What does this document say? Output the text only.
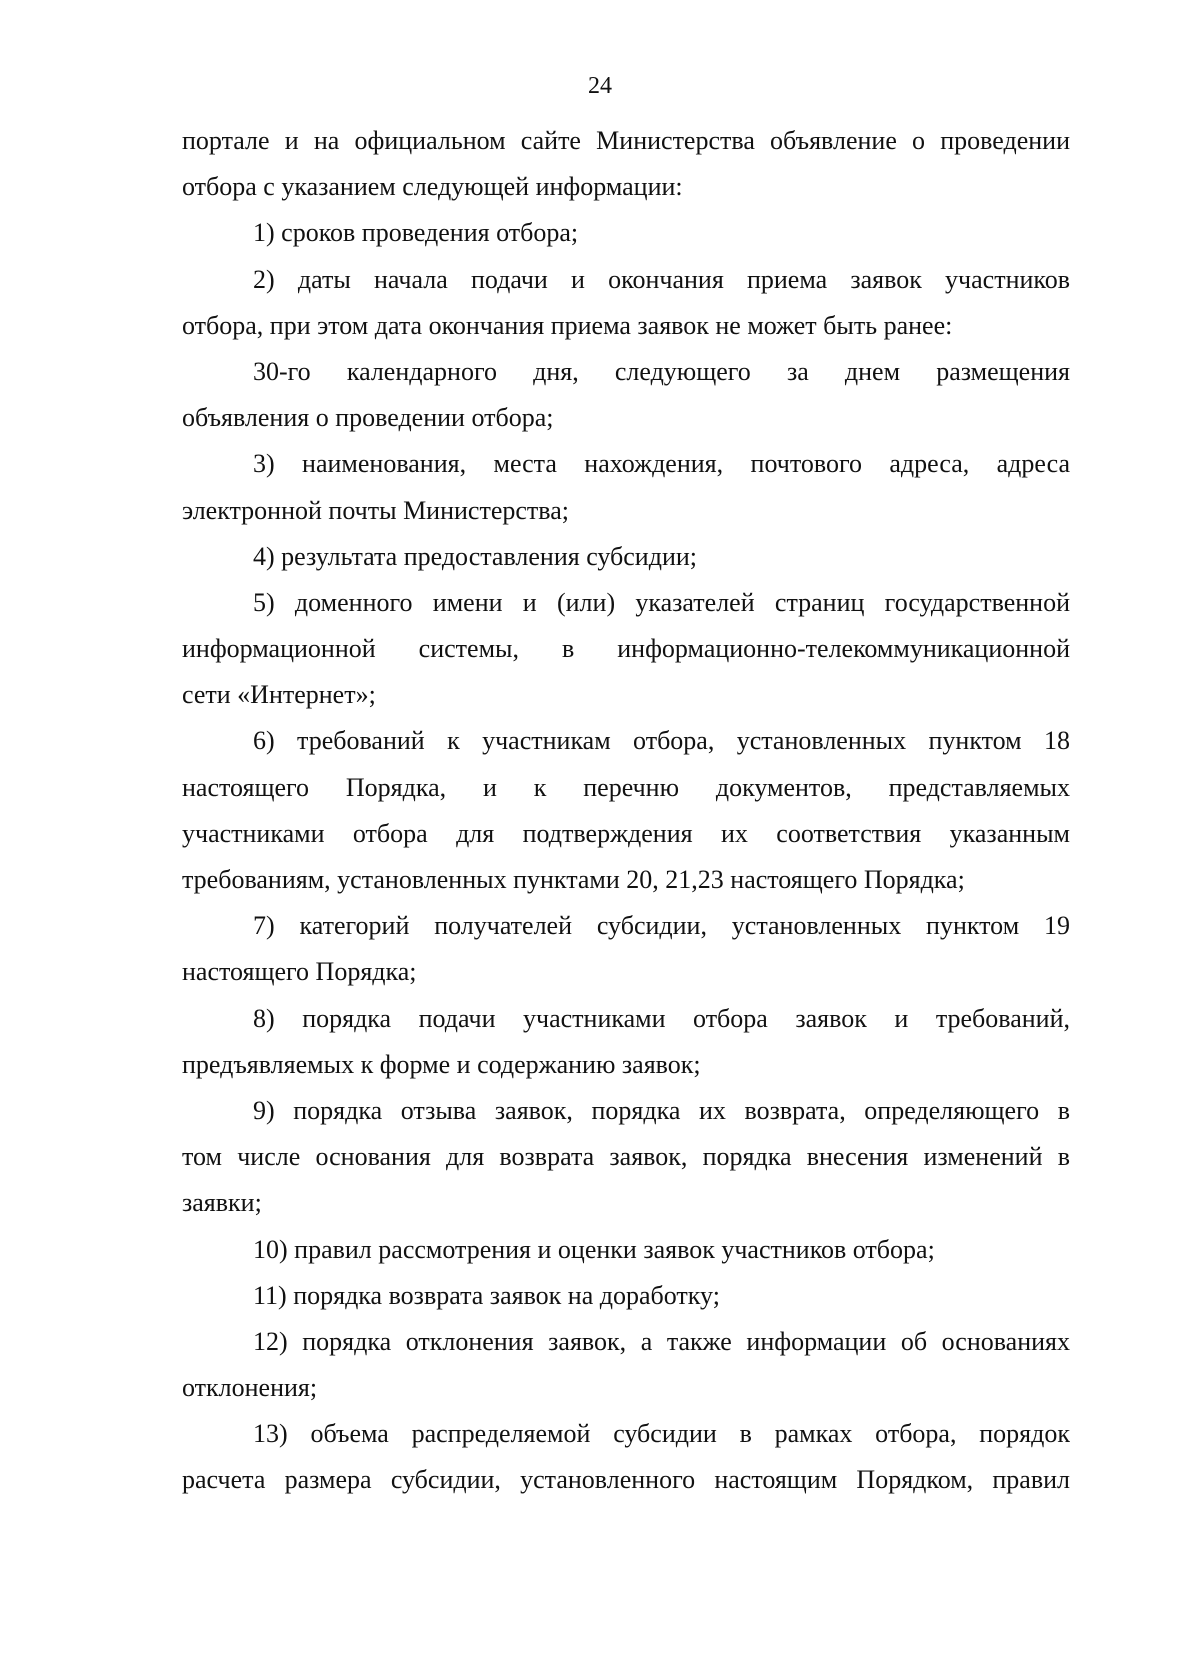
24
портале и на официальном сайте Министерства объявление о проведении
отбора с указанием следующей информации:
1) сроков проведения отбора;
2) даты начала подачи и окончания приема заявок участников
отбора, при этом дата окончания приема заявок не может быть ранее:
30-го календарного дня, следующего за днем размещения
объявления о проведении отбора;
3) наименования, места нахождения, почтового адреса, адреса
электронной почты Министерства;
4) результата предоставления субсидии;
5) доменного имени и (или) указателей страниц государственной
информационной системы, в информационно-телекоммуникационной
сети «Интернет»;
6) требований к участникам отбора, установленных пунктом 18
настоящего Порядка, и к перечню документов, представляемых
участниками отбора для подтверждения их соответствия указанным
требованиям, установленных пунктами 20, 21,23 настоящего Порядка;
7) категорий получателей субсидии, установленных пунктом 19
настоящего Порядка;
8) порядка подачи участниками отбора заявок и требований,
предъявляемых к форме и содержанию заявок;
9) порядка отзыва заявок, порядка их возврата, определяющего в
том числе основания для возврата заявок, порядка внесения изменений в
заявки;
10) правил рассмотрения и оценки заявок участников отбора;
11) порядка возврата заявок на доработку;
12) порядка отклонения заявок, а также информации об основаниях
отклонения;
13) объема распределяемой субсидии в рамках отбора, порядок
расчета размера субсидии, установленного настоящим Порядком, правил
